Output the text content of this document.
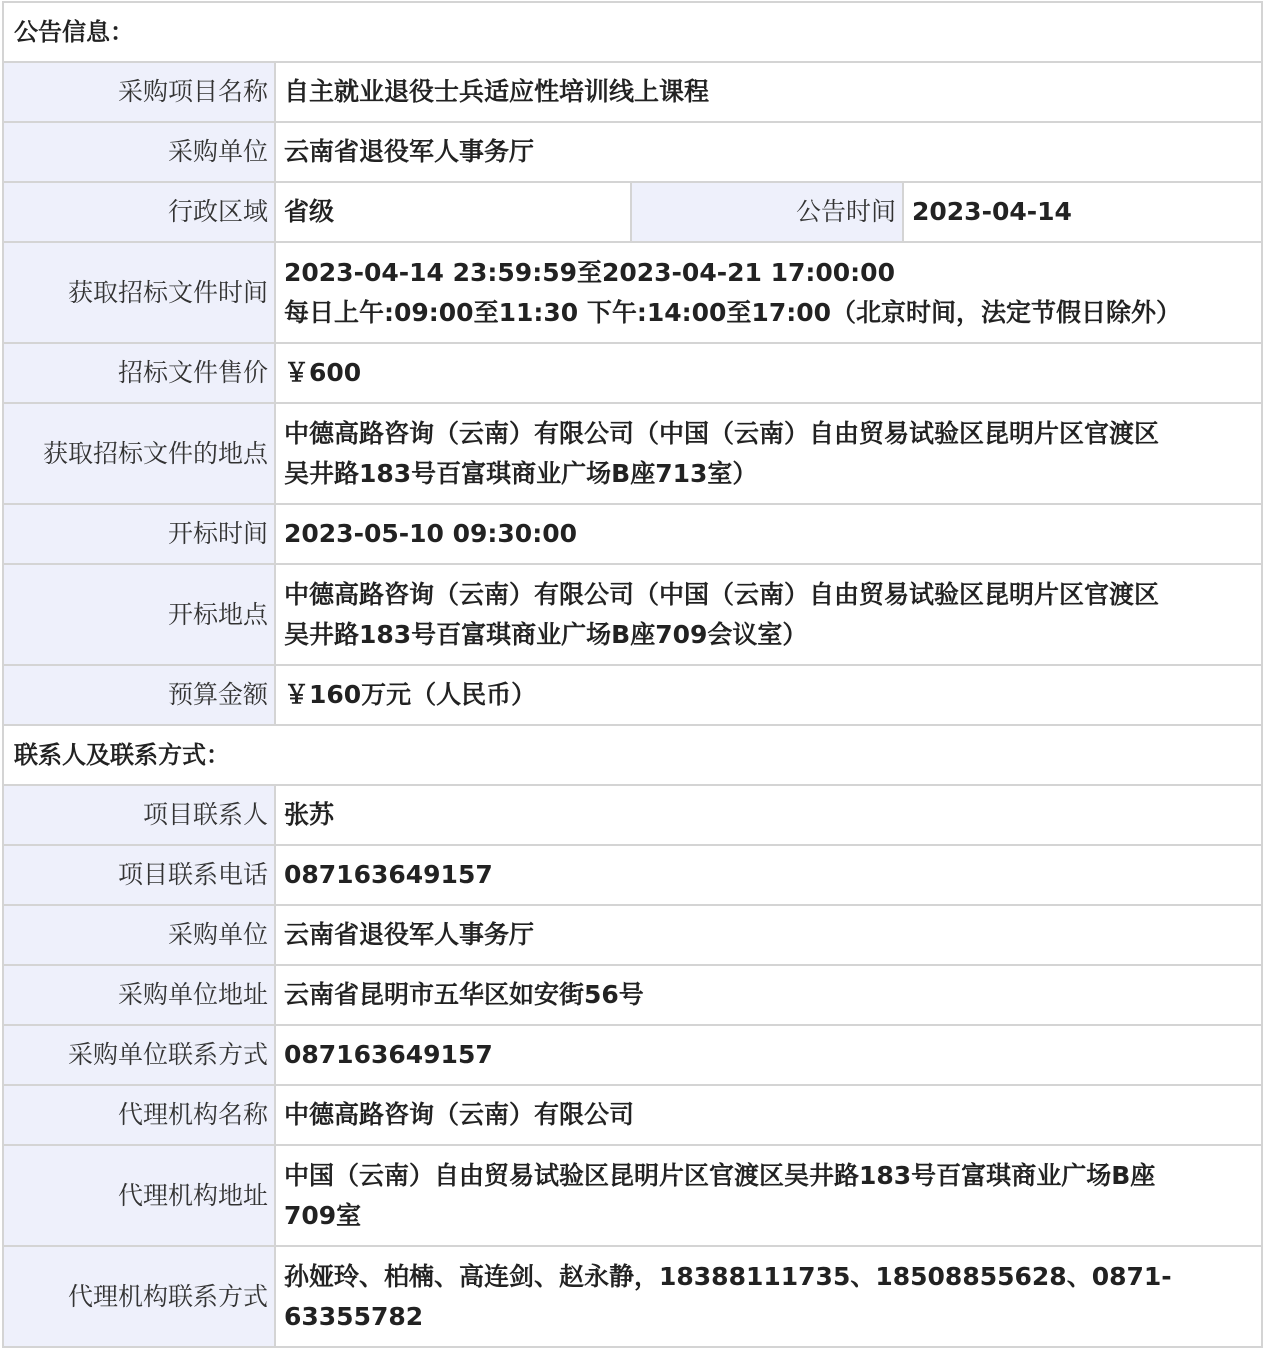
公告信息：			
采购项目名称	自主就业退役士兵适应性培训线上课程		
采购单位	云南省退役军人事务厅		
行政区域	省级	公告时间	2023-04-14
获取招标文件时间	2023-04-14 23:59:59至2023-04-21 17:00:00
每日上午:09:00至11:30 下午:14:00至17:00（北京时间，法定节假日除外）		

招标文件售价	￥600		
获取招标文件的地点	中德高路咨询（云南）有限公司（中国（云南）自由贸易试验区昆明片区官渡区
吴井路183号百富琪商业广场B座713室）		

开标时间	2023-05-10 09:30:00		
开标地点	中德高路咨询（云南）有限公司（中国（云南）自由贸易试验区昆明片区官渡区
吴井路183号百富琪商业广场B座709会议室）		

预算金额	￥160万元（人民币）		
联系人及联系方式：			
项目联系人	张苏		
项目联系电话	087163649157		
采购单位	云南省退役军人事务厅		
采购单位地址	云南省昆明市五华区如安街56号		
采购单位联系方式	087163649157		
代理机构名称	中德高路咨询（云南）有限公司		
代理机构地址	中国（云南）自由贸易试验区昆明片区官渡区吴井路183号百富琪商业广场B座
709室		

代理机构联系方式	孙娅玲、柏楠、高连剑、赵永静，18388111735、18508855628、0871-
63355782		
